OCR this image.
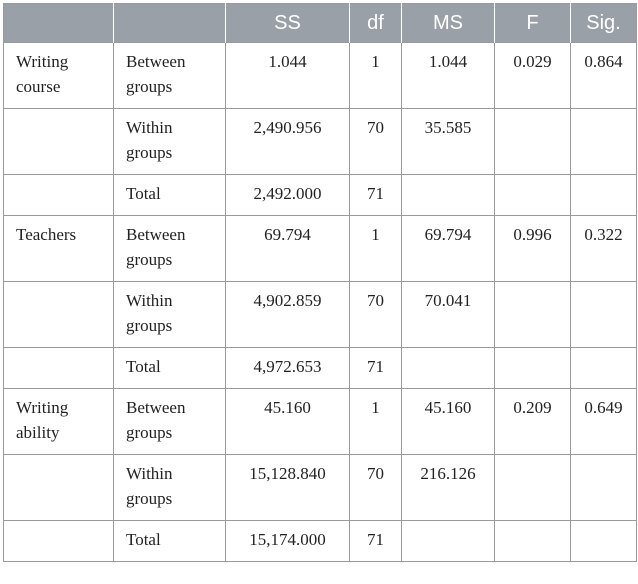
		SS	df	MS	F	Sig.
Writing course	Between groups	1.044	1	1.044	0.029	0.864
	Within groups	2,490.956	70	35.585		
	Total	2,492.000	71			
Teachers	Between groups	69.794	1	69.794	0.996	0.322
	Within groups	4,902.859	70	70.041		
	Total	4,972.653	71			
Writing ability	Between groups	45.160	1	45.160	0.209	0.649
	Within groups	15,128.840	70	216.126		
	Total	15,174.000	71			
